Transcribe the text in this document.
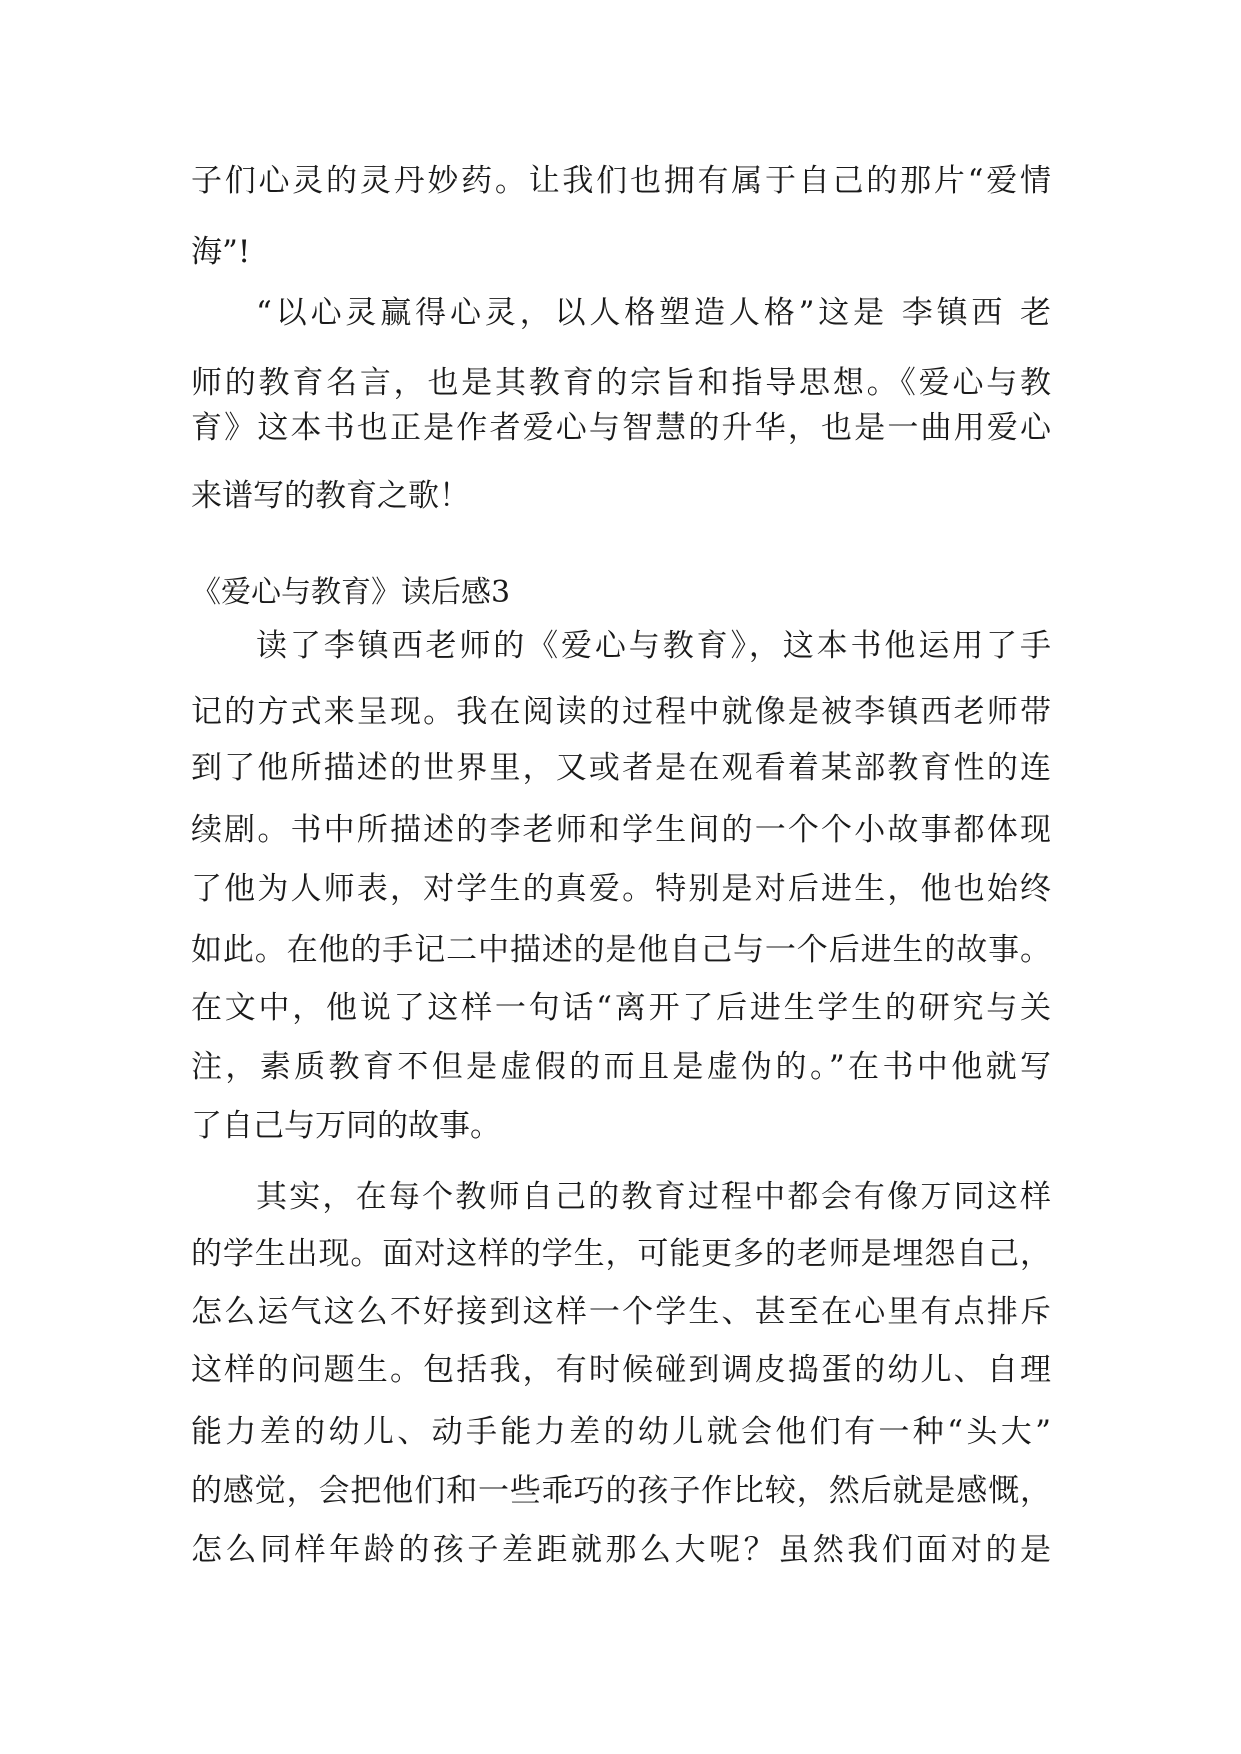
子们心灵的灵丹妙药。让我们也拥有属于自己的那片“爱情
海”!
“以心灵赢得心灵，以人格塑造人格”这是 李镇西 老
师的教育名言，也是其教育的宗旨和指导思想。《爱心与教
育》这本书也正是作者爱心与智慧的升华，也是一曲用爱心
来谱写的教育之歌！
《爱心与教育》读后感3
读了李镇西老师的《爱心与教育》，这本书他运用了手
记的方式来呈现。我在阅读的过程中就像是被李镇西老师带
到了他所描述的世界里，又或者是在观看着某部教育性的连
续剧。书中所描述的李老师和学生间的一个个小故事都体现
了他为人师表，对学生的真爱。特别是对后进生，他也始终
如此。在他的手记二中描述的是他自己与一个后进生的故事。
在文中，他说了这样一句话“离开了后进生学生的研究与关
注，素质教育不但是虚假的而且是虚伪的。”在书中他就写
了自己与万同的故事。
其实，在每个教师自己的教育过程中都会有像万同这样
的学生出现。面对这样的学生，可能更多的老师是埋怨自己，
怎么运气这么不好接到这样一个学生、甚至在心里有点排斥
这样的问题生。包括我，有时候碰到调皮捣蛋的幼儿、自理
能力差的幼儿、动手能力差的幼儿就会他们有一种“头大”
的感觉，会把他们和一些乖巧的孩子作比较，然后就是感慨，
怎么同样年龄的孩子差距就那么大呢？虽然我们面对的是
